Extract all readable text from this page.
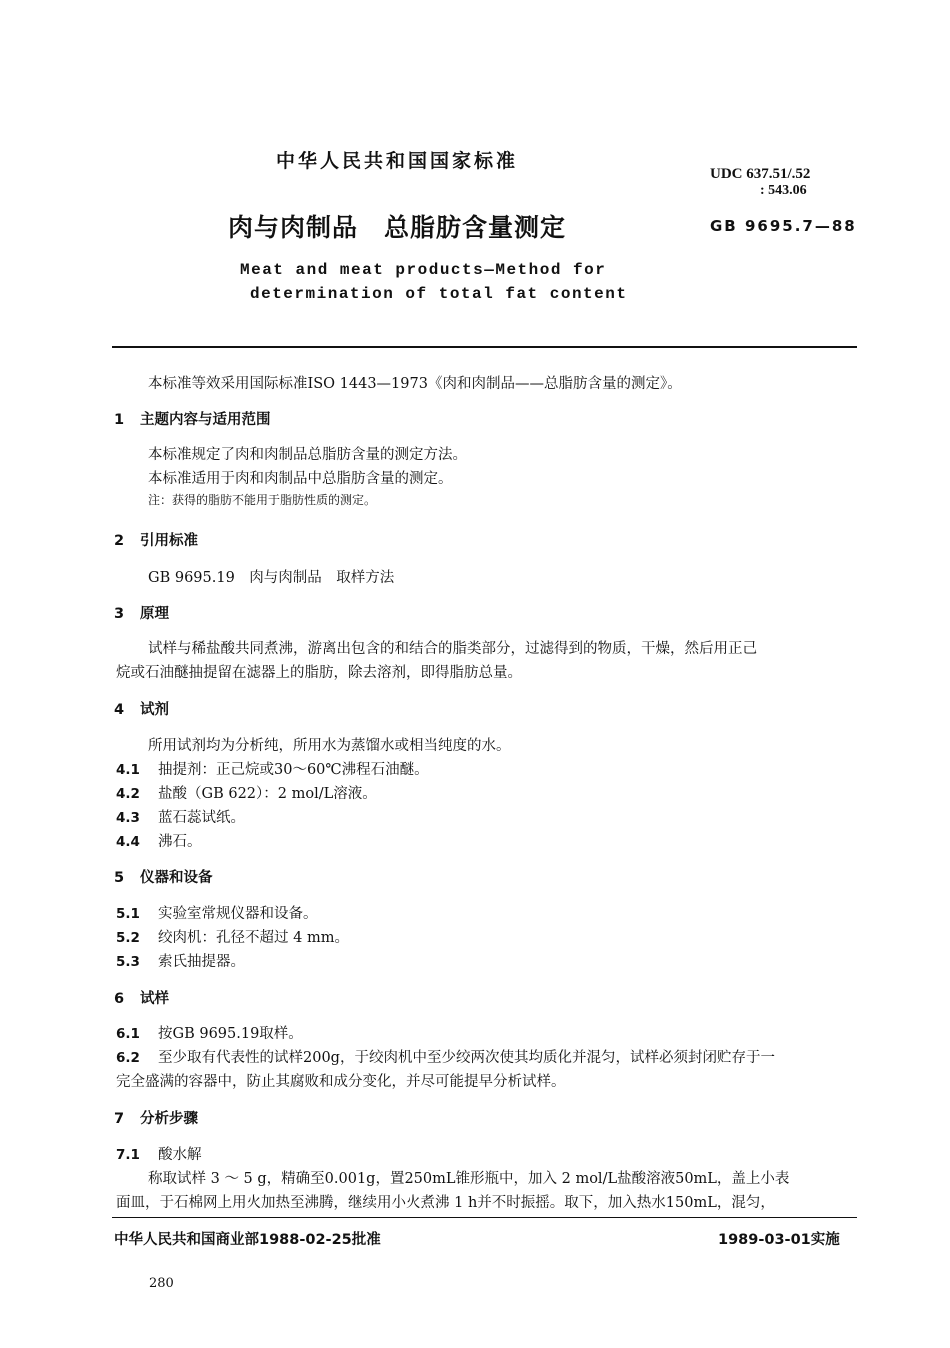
中华人民共和国国家标准
UDC 637.51/.52
: 543.06
肉与肉制品　总脂肪含量测定	GB 9695.7—88
Meat and meat products—Method for
determination of total fat content
本标准等效采用国际标准ISO 1443—1973《肉和肉制品——总脂肪含量的测定》。
1 主题内容与适用范围
本标准规定了肉和肉制品总脂肪含量的测定方法。
本标准适用于肉和肉制品中总脂肪含量的测定。
注：获得的脂肪不能用于脂肪性质的测定。
2 引用标准
GB 9695.19　肉与肉制品　取样方法
3 原理
试样与稀盐酸共同煮沸，游离出包含的和结合的脂类部分，过滤得到的物质，干燥，然后用正己
烷或石油醚抽提留在滤器上的脂肪，除去溶剂，即得脂肪总量。
4 试剂
所用试剂均为分析纯，所用水为蒸馏水或相当纯度的水。
4.1 抽提剂：正己烷或30～60℃沸程石油醚。
4.2 盐酸（GB 622）：2 mol/L溶液。
4.3 蓝石蕊试纸。
4.4 沸石。
5 仪器和设备
5.1 实验室常规仪器和设备。
5.2 绞肉机：孔径不超过 4 mm。
5.3 索氏抽提器。
6 试样
6.1 按GB 9695.19取样。
6.2 至少取有代表性的试样200g，于绞肉机中至少绞两次使其均质化并混匀，试样必须封闭贮存于一
完全盛满的容器中，防止其腐败和成分变化，并尽可能提早分析试样。
7 分析步骤
7.1 酸水解
称取试样 3 ～ 5 g，精确至0.001g，置250mL锥形瓶中，加入 2 mol/L盐酸溶液50mL，盖上小表
面皿，于石棉网上用火加热至沸腾，继续用小火煮沸 1 h并不时振摇。取下，加入热水150mL，混匀，
中华人民共和国商业部1988-02-25批准	1989-03-01实施
280
